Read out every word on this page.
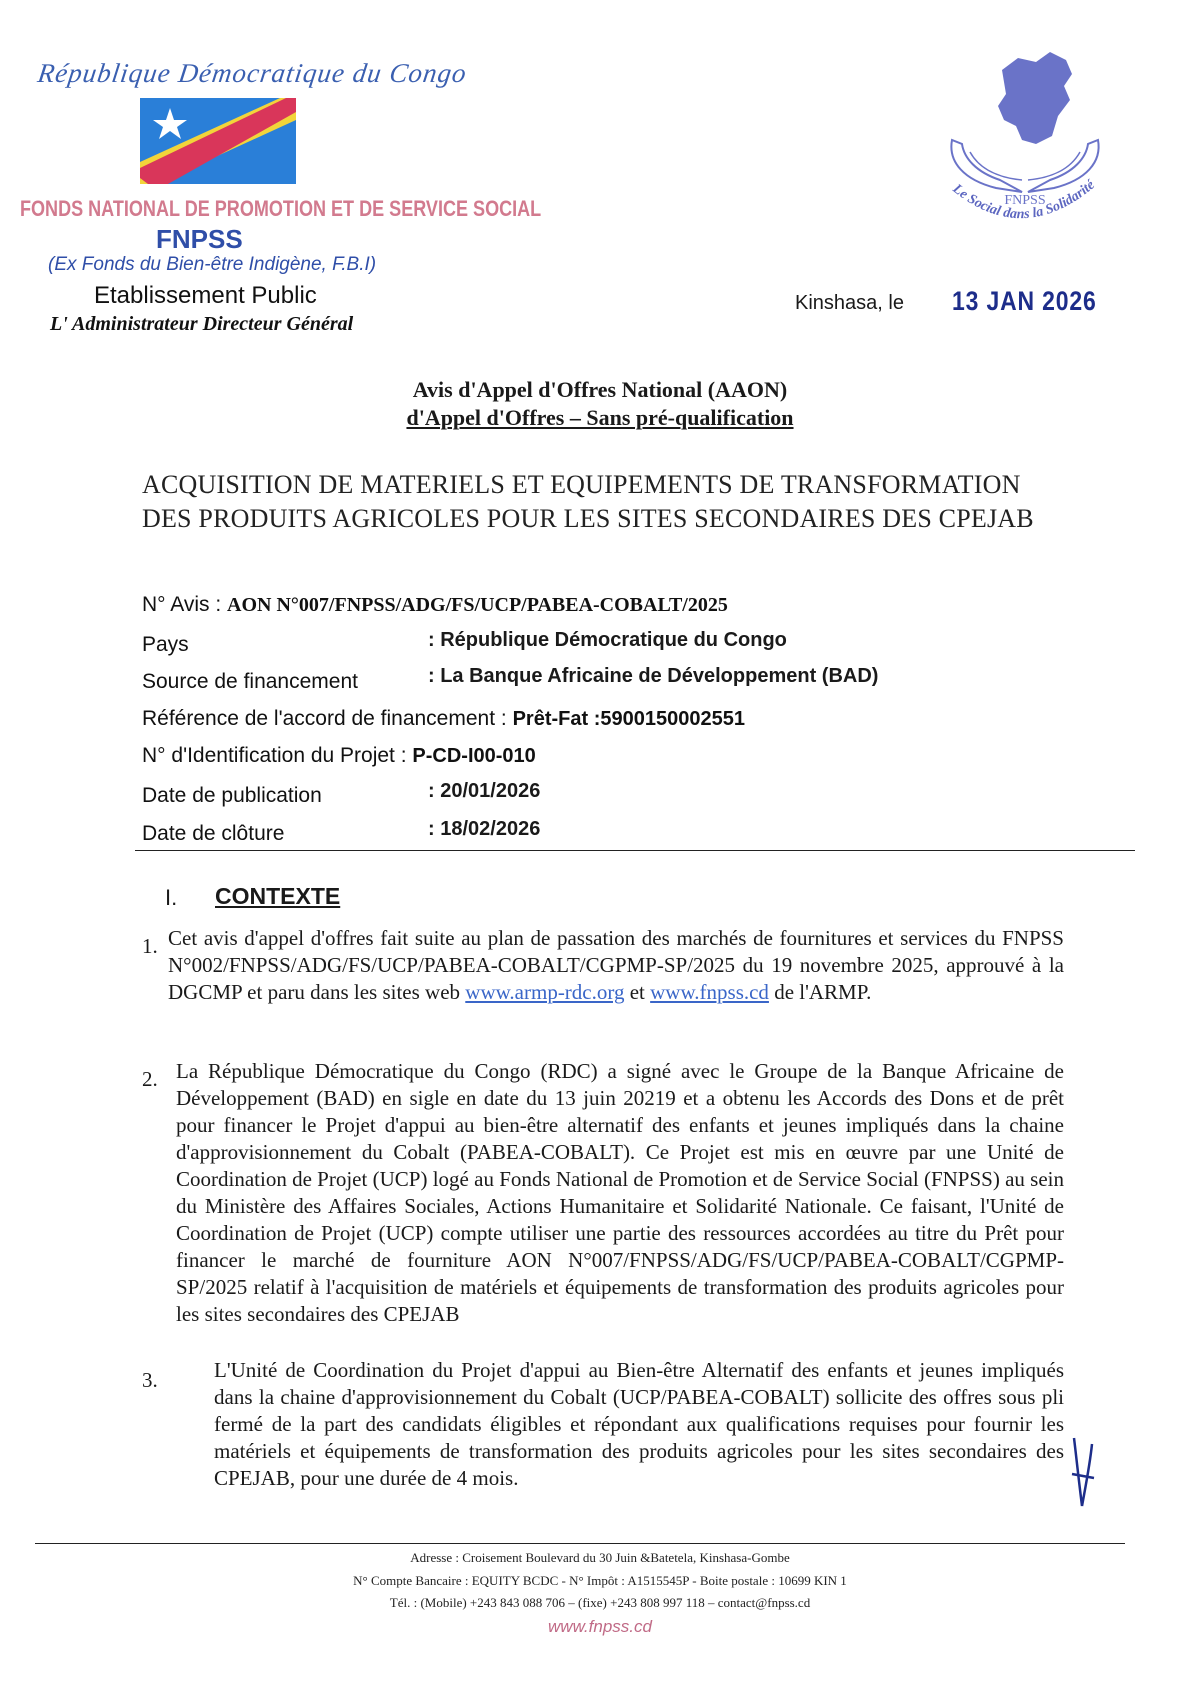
République Démocratique du Congo
FONDS NATIONAL DE PROMOTION ET DE SERVICE SOCIAL
FNPSS
(Ex Fonds du Bien-être Indigène, F.B.I)
Etablissement Public
L' Administrateur Directeur Général
FNPSS
Le Social dans la Solidarité
Kinshasa, le 13 JAN 2026
Avis d'Appel d'Offres National (AAON)
d'Appel d'Offres – Sans pré-qualification
ACQUISITION DE MATERIELS ET EQUIPEMENTS DE TRANSFORMATION DES PRODUITS AGRICOLES POUR LES SITES SECONDAIRES DES CPEJAB
N° Avis : AON N°007/FNPSS/ADG/FS/UCP/PABEA-COBALT/2025
Pays	: République Démocratique du Congo
Source de financement	: La Banque Africaine de Développement (BAD)
Référence de l'accord de financement : Prêt-Fat :5900150002551
N° d'Identification du Projet : P-CD-I00-010
Date de publication	: 20/01/2026
Date de clôture	: 18/02/2026
I. CONTEXTE
1. Cet avis d'appel d'offres fait suite au plan de passation des marchés de fournitures et services du FNPSS N°002/FNPSS/ADG/FS/UCP/PABEA-COBALT/CGPMP-SP/2025 du 19 novembre 2025, approuvé à la DGCMP et paru dans les sites web www.armp-rdc.org et www.fnpss.cd de l'ARMP.
2. La République Démocratique du Congo (RDC) a signé avec le Groupe de la Banque Africaine de Développement (BAD) en sigle en date du 13 juin 20219 et a obtenu les Accords des Dons et de prêt pour financer le Projet d'appui au bien-être alternatif des enfants et jeunes impliqués dans la chaine d'approvisionnement du Cobalt (PABEA-COBALT). Ce Projet est mis en œuvre par une Unité de Coordination de Projet (UCP) logé au Fonds National de Promotion et de Service Social (FNPSS) au sein du Ministère des Affaires Sociales, Actions Humanitaire et Solidarité Nationale. Ce faisant, l'Unité de Coordination de Projet (UCP) compte utiliser une partie des ressources accordées au titre du Prêt pour financer le marché de fourniture AON N°007/FNPSS/ADG/FS/UCP/PABEA-COBALT/CGPMP-SP/2025 relatif à l'acquisition de matériels et équipements de transformation des produits agricoles pour les sites secondaires des CPEJAB
3.	L'Unité de Coordination du Projet d'appui au Bien-être Alternatif des enfants et jeunes impliqués dans la chaine d'approvisionnement du Cobalt (UCP/PABEA-COBALT) sollicite des offres sous pli fermé de la part des candidats éligibles et répondant aux qualifications requises pour fournir les matériels et équipements de transformation des produits agricoles pour les sites secondaires des CPEJAB, pour une durée de 4 mois.
Adresse : Croisement Boulevard du 30 Juin &Batetela, Kinshasa-Gombe
N° Compte Bancaire : EQUITY BCDC - N° Impôt : A1515545P - Boite postale : 10699 KIN 1
Tél. : (Mobile) +243 843 088 706 – (fixe) +243 808 997 118 – contact@fnpss.cd
www.fnpss.cd
